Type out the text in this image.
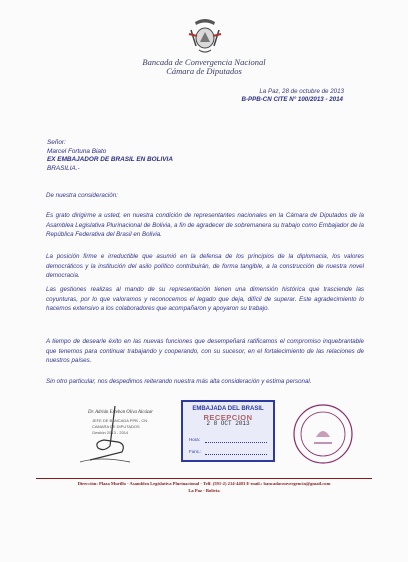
Bancada de Convergencia Nacional
Cámara de Diputados
La Paz, 28 de octubre de 2013
B-PPB-CN CITE N° 100/2013 - 2014
Señor:
Marcel Fortuna Biato
EX EMBAJADOR DE BRASIL EN BOLIVIA
BRASILIA.-
De nuestra consideración:
Es grato dirigirme a usted, en nuestra condición de representantes nacionales en la Cámara de Diputados de la Asamblea Legislativa Plurinacional de Bolivia, a fin de agradecer de sobremanera su trabajo como Embajador de la República Federativa del Brasil en Bolivia.
La posición firme e irreductible que asumió en la defensa de los principios de la diplomacia, los valores democráticos y la institución del asilo político contribuirán, de forma tangible, a la construcción de nuestra novel democracia.
Las gestiones realizas al mando de su representación tienen una dimensión histórica que trasciende las coyunturas, por lo que valoramos y reconocemos el legado que deja, difícil de superar. Este agradecimiento lo hacemos extensivo a los colaboradores que acompañaron y apoyaron su trabajo.
A tiempo de desearle éxito en las nuevas funciones que desempeñará ratificamos el compromiso inquebrantable que tenemos para continuar trabajando y cooperando, con su sucesor, en el fortalecimiento de las relaciones de nuestros países.
Sin otro particular, nos despedimos reiterando nuestra más alta consideración y estima personal.
Dr. Adrián Esteban Oliva Alcázar
JEFE DE BANCADA PPB - CN
CAMARA DE DIPUTADOS
Gestión 2013 - 2014
EMBAJADA DEL BRASIL
RECEPCION
2 8 OCT 2013
Hora:
Func.:
Dirección: Plaza Murillo - Asamblea Legislativa Plurinacional - Telf. (591-2) 214-4403 E-mail.: bancadaconvergencia@gmail.com
La Paz - Bolivia
